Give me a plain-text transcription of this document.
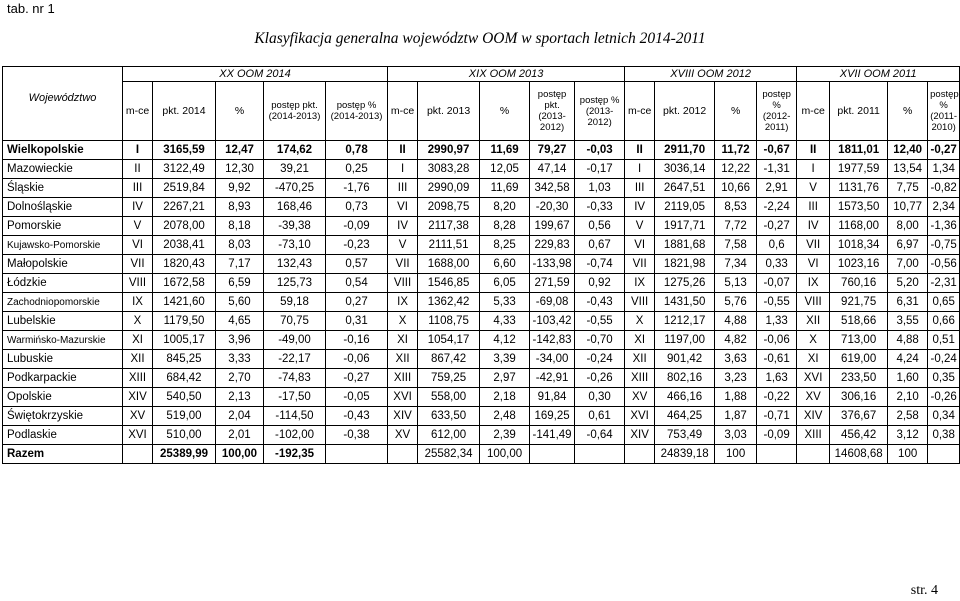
tab. nr 1
Klasyfikacja generalna województw OOM w sportach letnich 2014-2011
Województwo	XX OOM 2014					XIX OOM 2013					XVIII OOM 2012				XVII OOM 2011			
	m-ce	pkt. 2014	%	postęp pkt. (2014-2013)	postęp % (2014-2013)	m-ce	pkt. 2013	%	postęp pkt. (2013-2012)	postęp % (2013-2012)	m-ce	pkt. 2012	%	postęp % (2012-2011)	m-ce	pkt. 2011	%	postęp % (2011-2010)
Wielkopolskie	I	3165,59	12,47	174,62	0,78	II	2990,97	11,69	79,27	-0,03	II	2911,70	11,72	-0,67	II	1811,01	12,40	-0,27
Mazowieckie	II	3122,49	12,30	39,21	0,25	I	3083,28	12,05	47,14	-0,17	I	3036,14	12,22	-1,31	I	1977,59	13,54	1,34
Śląskie	III	2519,84	9,92	-470,25	-1,76	III	2990,09	11,69	342,58	1,03	III	2647,51	10,66	2,91	V	1131,76	7,75	-0,82
Dolnośląskie	IV	2267,21	8,93	168,46	0,73	VI	2098,75	8,20	-20,30	-0,33	IV	2119,05	8,53	-2,24	III	1573,50	10,77	2,34
Pomorskie	V	2078,00	8,18	-39,38	-0,09	IV	2117,38	8,28	199,67	0,56	V	1917,71	7,72	-0,27	IV	1168,00	8,00	-1,36
Kujawsko-Pomorskie	VI	2038,41	8,03	-73,10	-0,23	V	2111,51	8,25	229,83	0,67	VI	1881,68	7,58	0,6	VII	1018,34	6,97	-0,75
Małopolskie	VII	1820,43	7,17	132,43	0,57	VII	1688,00	6,60	-133,98	-0,74	VII	1821,98	7,34	0,33	VI	1023,16	7,00	-0,56
Łódzkie	VIII	1672,58	6,59	125,73	0,54	VIII	1546,85	6,05	271,59	0,92	IX	1275,26	5,13	-0,07	IX	760,16	5,20	-2,31
Zachodniopomorskie	IX	1421,60	5,60	59,18	0,27	IX	1362,42	5,33	-69,08	-0,43	VIII	1431,50	5,76	-0,55	VIII	921,75	6,31	0,65
Lubelskie	X	1179,50	4,65	70,75	0,31	X	1108,75	4,33	-103,42	-0,55	X	1212,17	4,88	1,33	XII	518,66	3,55	0,66
Warmińsko-Mazurskie	XI	1005,17	3,96	-49,00	-0,16	XI	1054,17	4,12	-142,83	-0,70	XI	1197,00	4,82	-0,06	X	713,00	4,88	0,51
Lubuskie	XII	845,25	3,33	-22,17	-0,06	XII	867,42	3,39	-34,00	-0,24	XII	901,42	3,63	-0,61	XI	619,00	4,24	-0,24
Podkarpackie	XIII	684,42	2,70	-74,83	-0,27	XIII	759,25	2,97	-42,91	-0,26	XIII	802,16	3,23	1,63	XVI	233,50	1,60	0,35
Opolskie	XIV	540,50	2,13	-17,50	-0,05	XVI	558,00	2,18	91,84	0,30	XV	466,16	1,88	-0,22	XV	306,16	2,10	-0,26
Świętokrzyskie	XV	519,00	2,04	-114,50	-0,43	XIV	633,50	2,48	169,25	0,61	XVI	464,25	1,87	-0,71	XIV	376,67	2,58	0,34
Podlaskie	XVI	510,00	2,01	-102,00	-0,38	XV	612,00	2,39	-141,49	-0,64	XIV	753,49	3,03	-0,09	XIII	456,42	3,12	0,38
Razem		25389,99	100,00	-192,35			25582,34	100,00				24839,18	100			14608,68	100	
str. 4
